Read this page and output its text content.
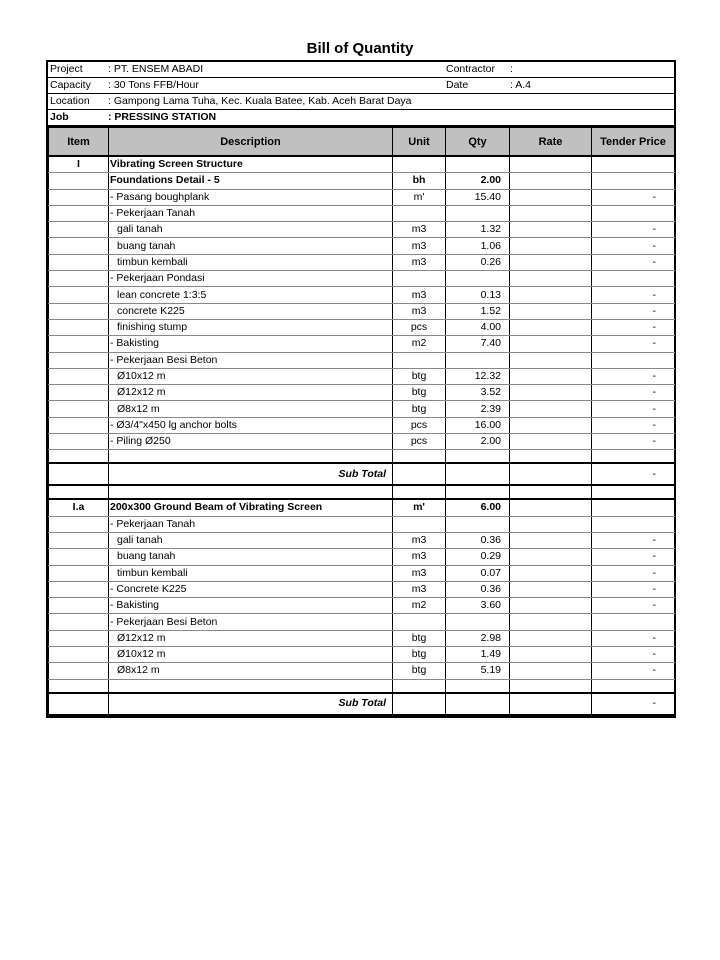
Bill of Quantity
Project : PT. ENSEM ABADI	Contractor :
Capacity : 30 Tons FFB/Hour	Date	: A.4
Location : Gampong Lama Tuha, Kec. Kuala Batee, Kab. Aceh Barat Daya
Job	: PRESSING STATION
Item	Description	Unit	Qty	Rate	Tender Price
I	Vibrating Screen Structure				
	Foundations Detail - 5	bh	2.00		
	- Pasang boughplank	m'	15.40		-
	- Pekerjaan Tanah				
	gali tanah	m3	1.32		-
	buang tanah	m3	1.06		-
	timbun kembali	m3	0.26		-
	- Pekerjaan Pondasi				
	lean concrete 1:3:5	m3	0.13		-
	concrete K225	m3	1.52		-
	finishing stump	pcs	4.00		-
	- Bakisting	m2	7.40		-
	- Pekerjaan Besi Beton				
	Ø10x12 m	btg	12.32		-
	Ø12x12 m	btg	3.52		-
	Ø8x12 m	btg	2.39		-
	- Ø3/4"x450 lg anchor bolts	pcs	16.00		-
	- Piling Ø250	pcs	2.00		-

	Sub Total				-

I.a	200x300 Ground Beam of Vibrating Screen	m'	6.00		
	- Pekerjaan Tanah				
	gali tanah	m3	0.36		-
	buang tanah	m3	0.29		-
	timbun kembali	m3	0.07		-
	- Concrete K225	m3	0.36		-
	- Bakisting	m2	3.60		-
	- Pekerjaan Besi Beton				
	Ø12x12 m	btg	2.98		-
	Ø10x12 m	btg	1.49		-
	Ø8x12 m	btg	5.19		-

	Sub Total				-
